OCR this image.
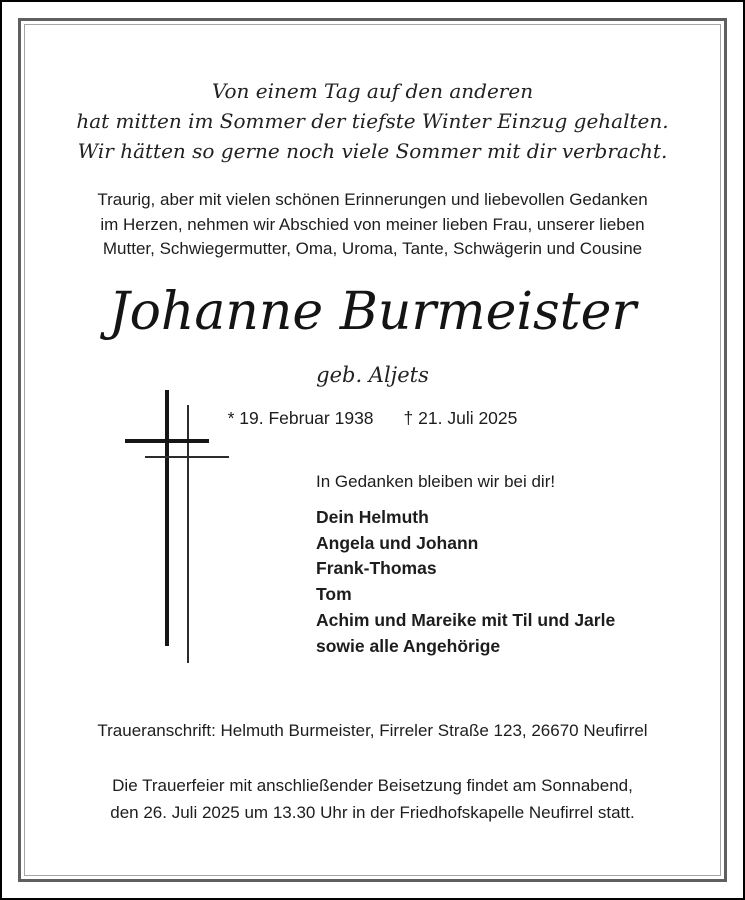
Von einem Tag auf den anderen
hat mitten im Sommer der tiefste Winter Einzug gehalten.
Wir hätten so gerne noch viele Sommer mit dir verbracht.
Traurig, aber mit vielen schönen Erinnerungen und liebevollen Gedanken
im Herzen, nehmen wir Abschied von meiner lieben Frau, unserer lieben
Mutter, Schwiegermutter, Oma, Uroma, Tante, Schwägerin und Cousine
Johanne Burmeister
geb. Aljets
* 19. Februar 1938 † 21. Juli 2025
In Gedanken bleiben wir bei dir!
Dein Helmuth
Angela und Johann
Frank-Thomas
Tom
Achim und Mareike mit Til und Jarle
sowie alle Angehörige
Traueranschrift: Helmuth Burmeister, Firreler Straße 123, 26670 Neufirrel
Die Trauerfeier mit anschließender Beisetzung findet am Sonnabend,
den 26. Juli 2025 um 13.30 Uhr in der Friedhofskapelle Neufirrel statt.
